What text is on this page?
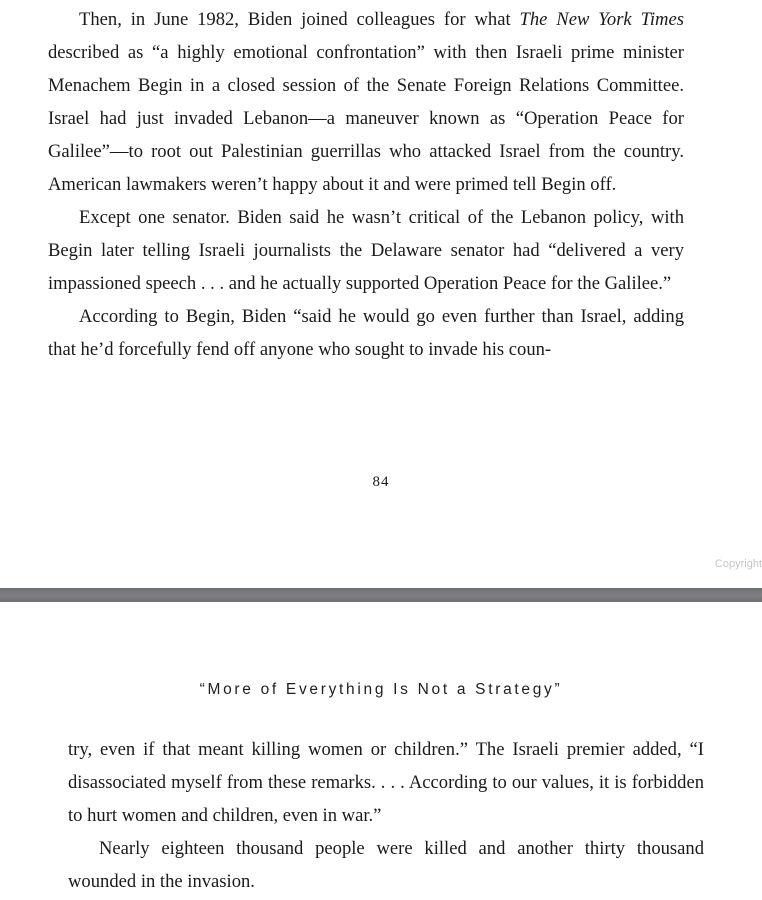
Then, in June 1982, Biden joined colleagues for what The New York Times described as “a highly emotional confrontation” with then Israeli prime minister Menachem Begin in a closed session of the Senate Foreign Relations Committee. Israel had just invaded Lebanon—a maneuver known as “Operation Peace for Galilee”—to root out Palestinian guerrillas who attacked Israel from the country. American lawmakers weren’t happy about it and were primed tell Begin off.

Except one senator. Biden said he wasn’t critical of the Lebanon policy, with Begin later telling Israeli journalists the Delaware senator had “delivered a very impassioned speech . . . and he actually supported Operation Peace for the Galilee.”

According to Begin, Biden “said he would go even further than Israel, adding that he’d forcefully fend off anyone who sought to invade his coun-

84
Copyright
“More of Everything Is Not a Strategy”

try, even if that meant killing women or children.” The Israeli premier added, “I disassociated myself from these remarks. . . . According to our values, it is forbidden to hurt women and children, even in war.”

Nearly eighteen thousand people were killed and another thirty thousand wounded in the invasion.
